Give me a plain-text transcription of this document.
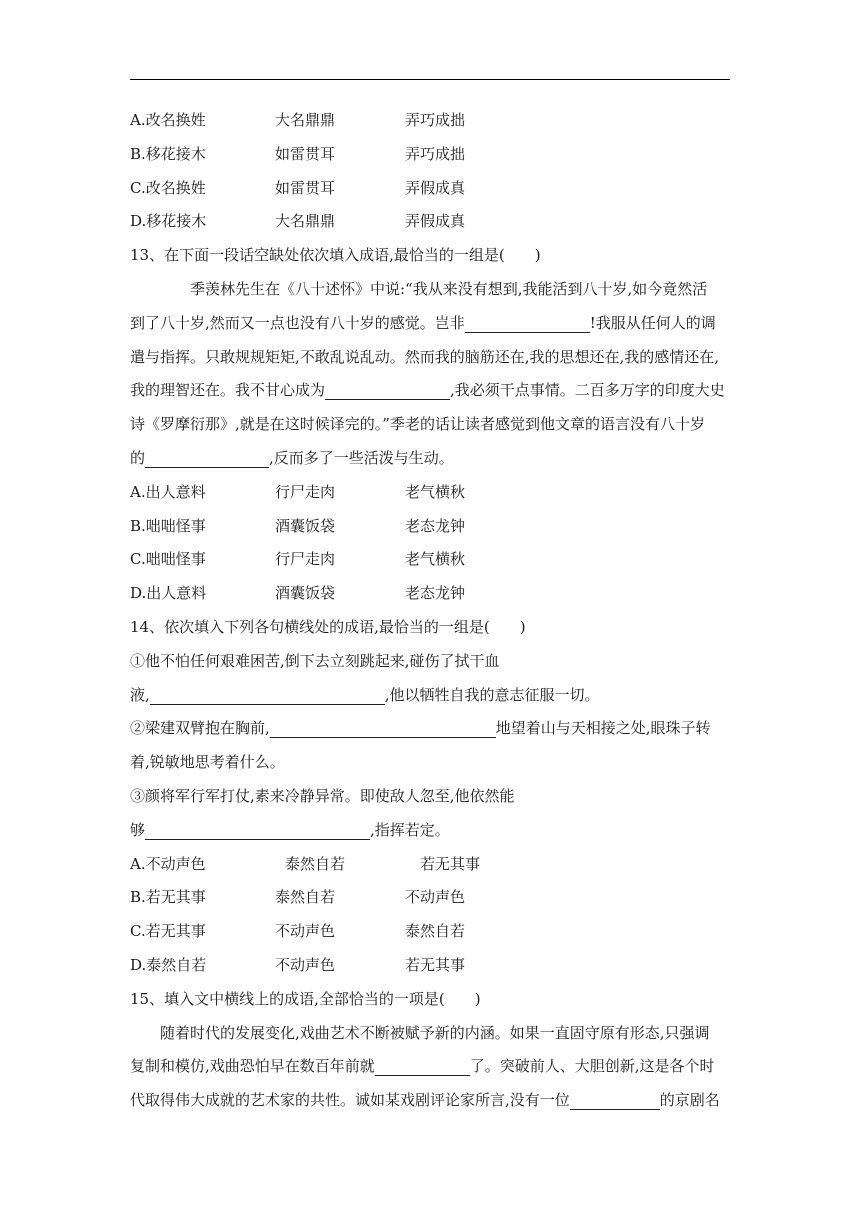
A.改名换姓	大名鼎鼎	弄巧成拙
B.移花接木	如雷贯耳	弄巧成拙
C.改名换姓	如雷贯耳	弄假成真
D.移花接木	大名鼎鼎	弄假成真
13、在下面一段话空缺处依次填入成语,最恰当的一组是(　　)
季羡林先生在《八十述怀》中说:“我从来没有想到,我能活到八十岁,如今竟然活
到了八十岁,然而又一点也没有八十岁的感觉。岂非	!我服从任何人的调
遣与指挥。只敢规规矩矩,不敢乱说乱动。然而我的脑筋还在,我的思想还在,我的感情还在,
我的理智还在。我不甘心成为	,我必须干点事情。二百多万字的印度大史
诗《罗摩衍那》,就是在这时候译完的。”季老的话让读者感觉到他文章的语言没有八十岁
的	,反而多了一些活泼与生动。
A.出人意料	行尸走肉	老气横秋
B.咄咄怪事	酒囊饭袋	老态龙钟
C.咄咄怪事	行尸走肉	老气横秋
D.出人意料	酒囊饭袋	老态龙钟
14、依次填入下列各句横线处的成语,最恰当的一组是(　　)
①他不怕任何艰难困苦,倒下去立刻跳起来,碰伤了拭干血
液,	,他以牺牲自我的意志征服一切。
②梁建双臂抱在胸前,	地望着山与天相接之处,眼珠子转
着,锐敏地思考着什么。
③颜将军行军打仗,素来冷静异常。即使敌人忽至,他依然能
够	,指挥若定。
A.不动声色	泰然自若	若无其事
B.若无其事	泰然自若	不动声色
C.若无其事	不动声色	泰然自若
D.泰然自若	不动声色	若无其事
15、填入文中横线上的成语,全部恰当的一项是(　　)
随着时代的发展变化,戏曲艺术不断被赋予新的内涵。如果一直固守原有形态,只强调
复制和模仿,戏曲恐怕早在数百年前就	了。突破前人、大胆创新,这是各个时
代取得伟大成就的艺术家的共性。诚如某戏剧评论家所言,没有一位	的京剧名
